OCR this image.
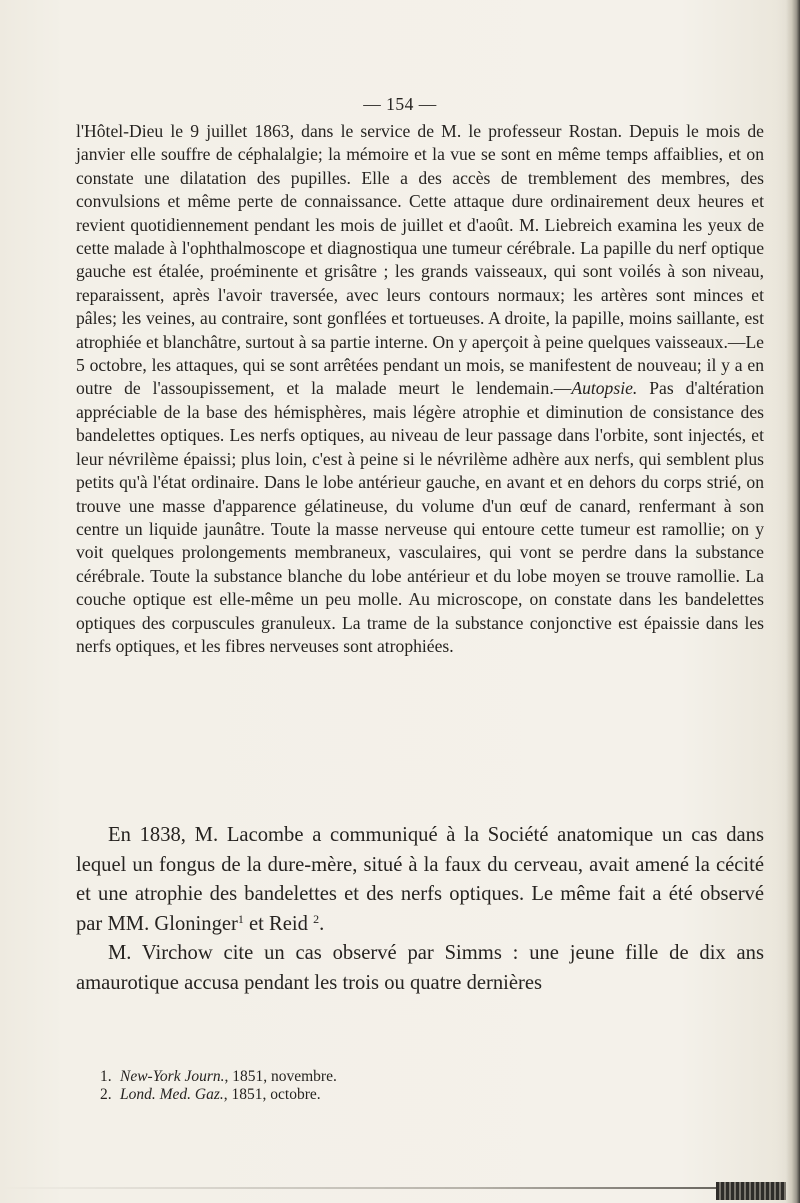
— 154 —

l'Hôtel-Dieu le 9 juillet 1863, dans le service de M. le professeur Rostan. Depuis le mois de janvier elle souffre de céphalalgie; la mémoire et la vue se sont en même temps affaiblies, et on constate une dilatation des pupilles. Elle a des accès de tremblement des membres, des convulsions et même perte de connaissance. Cette attaque dure ordinairement deux heures et revient quotidiennement pendant les mois de juillet et d'août. M. Liebreich examina les yeux de cette malade à l'ophthalmoscope et diagnostiqua une tumeur cérébrale. La papille du nerf optique gauche est étalée, proéminente et grisâtre ; les grands vaisseaux, qui sont voilés à son niveau, reparaissent, après l'avoir traversée, avec leurs contours normaux; les artères sont minces et pâles; les veines, au contraire, sont gonflées et tortueuses. A droite, la papille, moins saillante, est atrophiée et blanchâtre, surtout à sa partie interne. On y aperçoit à peine quelques vaisseaux.—Le 5 octobre, les attaques, qui se sont arrêtées pendant un mois, se manifestent de nouveau; il y a en outre de l'assoupissement, et la malade meurt le lendemain.—Autopsie. Pas d'altération appréciable de la base des hémisphères, mais légère atrophie et diminution de consistance des bandelettes optiques. Les nerfs optiques, au niveau de leur passage dans l'orbite, sont injectés, et leur névrilème épaissi; plus loin, c'est à peine si le névrilème adhère aux nerfs, qui semblent plus petits qu'à l'état ordinaire. Dans le lobe antérieur gauche, en avant et en dehors du corps strié, on trouve une masse d'apparence gélatineuse, du volume d'un œuf de canard, renfermant à son centre un liquide jaunâtre. Toute la masse nerveuse qui entoure cette tumeur est ramollie; on y voit quelques prolongements membraneux, vasculaires, qui vont se perdre dans la substance cérébrale. Toute la substance blanche du lobe antérieur et du lobe moyen se trouve ramollie. La couche optique est elle-même un peu molle. Au microscope, on constate dans les bandelettes optiques des corpuscules granuleux. La trame de la substance conjonctive est épaissie dans les nerfs optiques, et les fibres nerveuses sont atrophiées.

En 1838, M. Lacombe a communiqué à la Société anatomique un cas dans lequel un fongus de la dure-mère, situé à la faux du cerveau, avait amené la cécité et une atrophie des bandelettes et des nerfs optiques. Le même fait a été observé par MM. Gloninger$^1$ et Reid $^2$.

M. Virchow cite un cas observé par Simms : une jeune fille de dix ans amaurotique accusa pendant les trois ou quatre dernières

1. New-York Journ., 1851, novembre.

2. Lond. Med. Gaz., 1851, octobre.
